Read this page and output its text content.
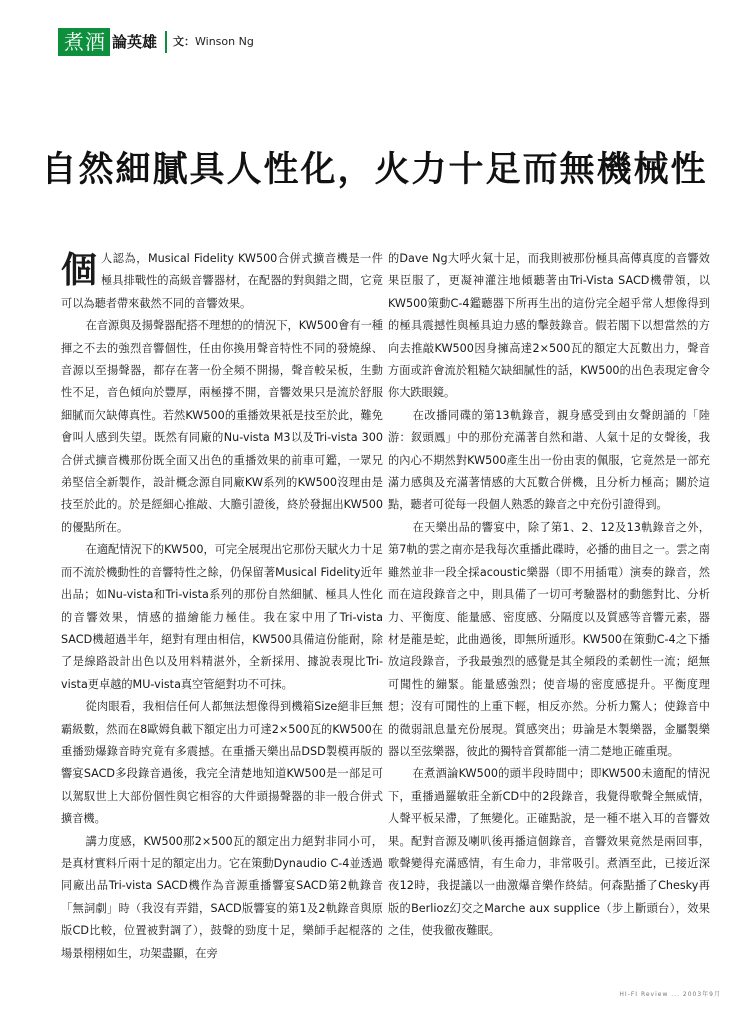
煮酒 論英雄	文：Winson Ng
自然細膩具人性化，火力十足而無機械性

個人認為，Musical Fidelity KW500合併式擴音機是一件極具排戰性的高級音響器材，在配器的對與錯之間，它竟可以為聽者帶來截然不同的音響效果。

在音源與及揚聲器配搭不理想的的情況下，KW500會有一種揮之不去的強烈音響個性，任由你換用聲音特性不同的發燒線、音源以至揚聲器，都存在著一份全頻不開揚，聲音較呆板，生動性不足，音色傾向於豐厚，兩極撐不開，音響效果只是流於舒服細膩而欠缺傳真性。若然KW500的重播效果祇是技至於此，難免會叫人感到失望。既然有同廠的Nu-vista M3以及Tri-vista 300合併式擴音機那份既全面又出色的重播效果的前車可鑑，一眾兄弟堅信全新製作，設計概念源自同廠KW系列的KW500沒理由是技至於此的。於是經細心推敲、大膽引證後，終於發掘出KW500的優點所在。

在適配情況下的KW500，可完全展現出它那份天賦火力十足而不流於機動性的音響特性之餘，仍保留著Musical Fidelity近年出品；如Nu-vista和Tri-vista系列的那份自然細膩、極具人性化的音響效果，情感的描繪能力極佳。我在家中用了Tri-vista SACD機超過半年，絕對有理由相信，KW500具備這份能耐，除了是線路設計出色以及用料精湛外，全新採用、據說表現比Tri-vista更卓越的MU-vista真空管絕對功不可抹。

從肉眼看，我相信任何人都無法想像得到機箱Size絕非巨無霸級數，然而在8歐姆負載下額定出力可達2×500瓦的KW500在重播勁爆錄音時究竟有多震撼。在重播天樂出品DSD製模再版的響宴SACD多段錄音過後，我完全清楚地知道KW500是一部足可以駕馭世上大部份個性與它相容的大件頭揚聲器的非一般合併式擴音機。

講力度感，KW500那2×500瓦的額定出力絕對非同小可，是真材實料斤兩十足的額定出力。它在策動Dynaudio C-4並透過同廠出品Tri-vista SACD機作為音源重播響宴SACD第2軌錄音「無詞劇」時（我沒有弄錯，SACD版響宴的第1及2軌錄音與原版CD比較，位置被對調了），鼓聲的勁度十足，樂師手起棍落的場景栩栩如生，功架盡顯，在旁

的Dave Ng大呼火氣十足，而我則被那份極具高傳真度的音響效果臣服了，更凝神灌注地傾聽著由Tri-Vista SACD機帶領，以KW500策動C-4鑑聽器下所再生出的這份完全超乎常人想像得到的極具震撼性與極具迫力感的擊鼓錄音。假若閣下以想當然的方向去推敲KW500因身擁高達2×500瓦的額定大瓦數出力，聲音方面或許會流於粗糙欠缺細膩性的話，KW500的出色表現定會令你大跌眼鏡。

在改播同碟的第13軌錄音，親身感受到由女聲朗誦的「陸游：釵頭鳳」中的那份充滿著自然和諧、人氣十足的女聲後，我的內心不期然對KW500產生出一份由衷的佩服，它竟然是一部充滿力感與及充滿著情感的大瓦數合併機，且分析力極高；關於這點，聽者可從每一段個人熟悉的錄音之中充份引證得到。

在天樂出品的響宴中，除了第1、2、12及13軌錄音之外，第7軌的雲之南亦是我每次重播此碟時，必播的曲目之一。雲之南雖然並非一段全採acoustic樂器（即不用插電）演奏的錄音，然而在這段錄音之中，則具備了一切可考驗器材的動態對比、分析力、平衡度、能量感、密度感、分隔度以及質感等音響元素，器材是龍是蛇，此曲過後，即無所遁形。KW500在策動C-4之下播放這段錄音，予我最強烈的感覺是其全頻段的柔韌性一流；絕無可聞性的繃緊。能量感強烈；使音場的密度感提升。平衡度理想；沒有可聞性的上重下輕，相反亦然。分析力驚人；使錄音中的微弱訊息量充份展現。質感突出；毋論是木製樂器，金屬製樂器以至弦樂器，彼此的獨特音質都能一清二楚地正確重現。

在煮酒論KW500的頭半段時間中；即KW500未適配的情況下，重播過羅敏莊全新CD中的2段錄音，我覺得歌聲全無威情，人聲平板呆滯，了無變化。正確點說，是一種不堪入耳的音響效果。配對音源及喇叭後再播這個錄音，音響效果竟然是兩回事，歌聲變得充滿感情，有生命力，非常吸引。煮酒至此，已接近深夜12時，我提議以一曲激爆音樂作終結。何森點播了Chesky再版的Berlioz幻交之Marche aux supplice（步上斷頭台），效果之佳，使我徹夜難眠。

HI-FI Review ... 2003年9月
